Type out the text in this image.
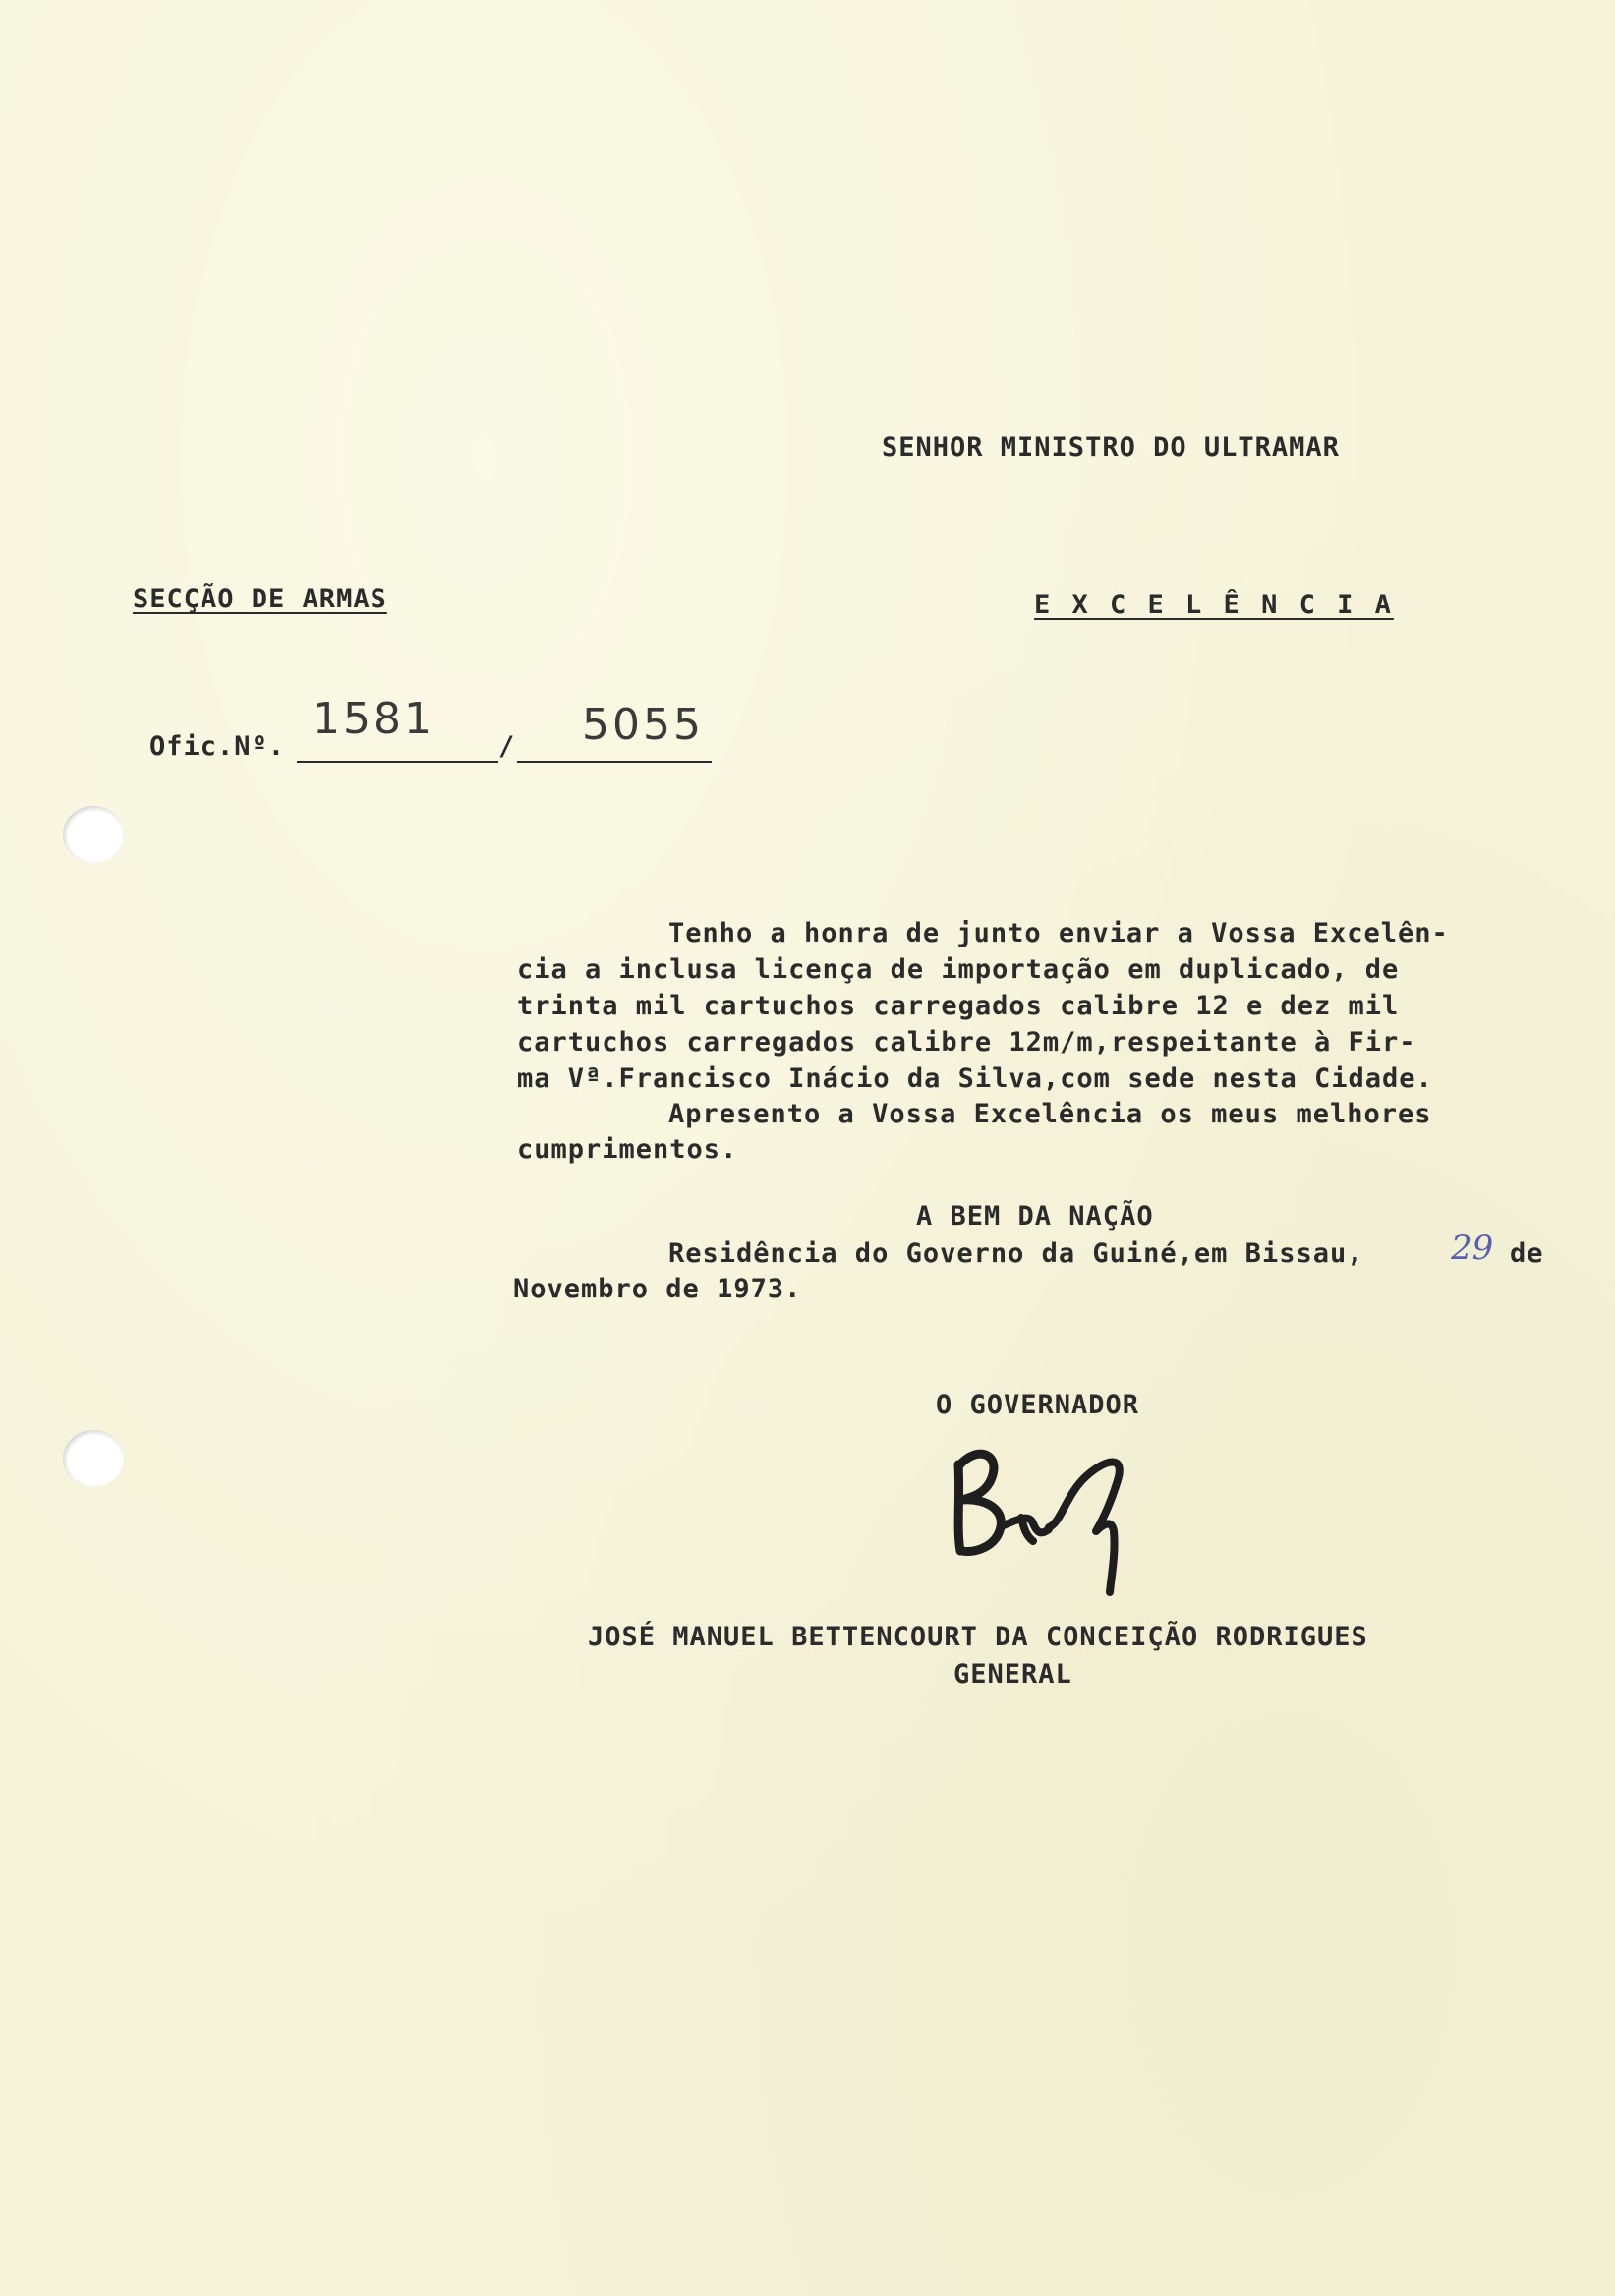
SENHOR MINISTRO DO ULTRAMAR
SECÇÃO DE ARMAS	E X C E L Ê N C I A
Ofic.Nº.
1581
/ 5055
Tenho a honra de junto enviar a Vossa Excelên-
cia a inclusa licença de importação em duplicado, de
trinta mil cartuchos carregados calibre 12 e dez mil
cartuchos carregados calibre 12m/m,respeitante à Fir-
ma Vª.Francisco Inácio da Silva,com sede nesta Cidade.
Apresento a Vossa Excelência os meus melhores
cumprimentos.
A BEM DA NAÇÃO
Residência do Governo da Guiné,em Bissau,	29 de
Novembro de 1973.
O GOVERNADOR
JOSÉ MANUEL BETTENCOURT DA CONCEIÇÃO RODRIGUES
GENERAL
